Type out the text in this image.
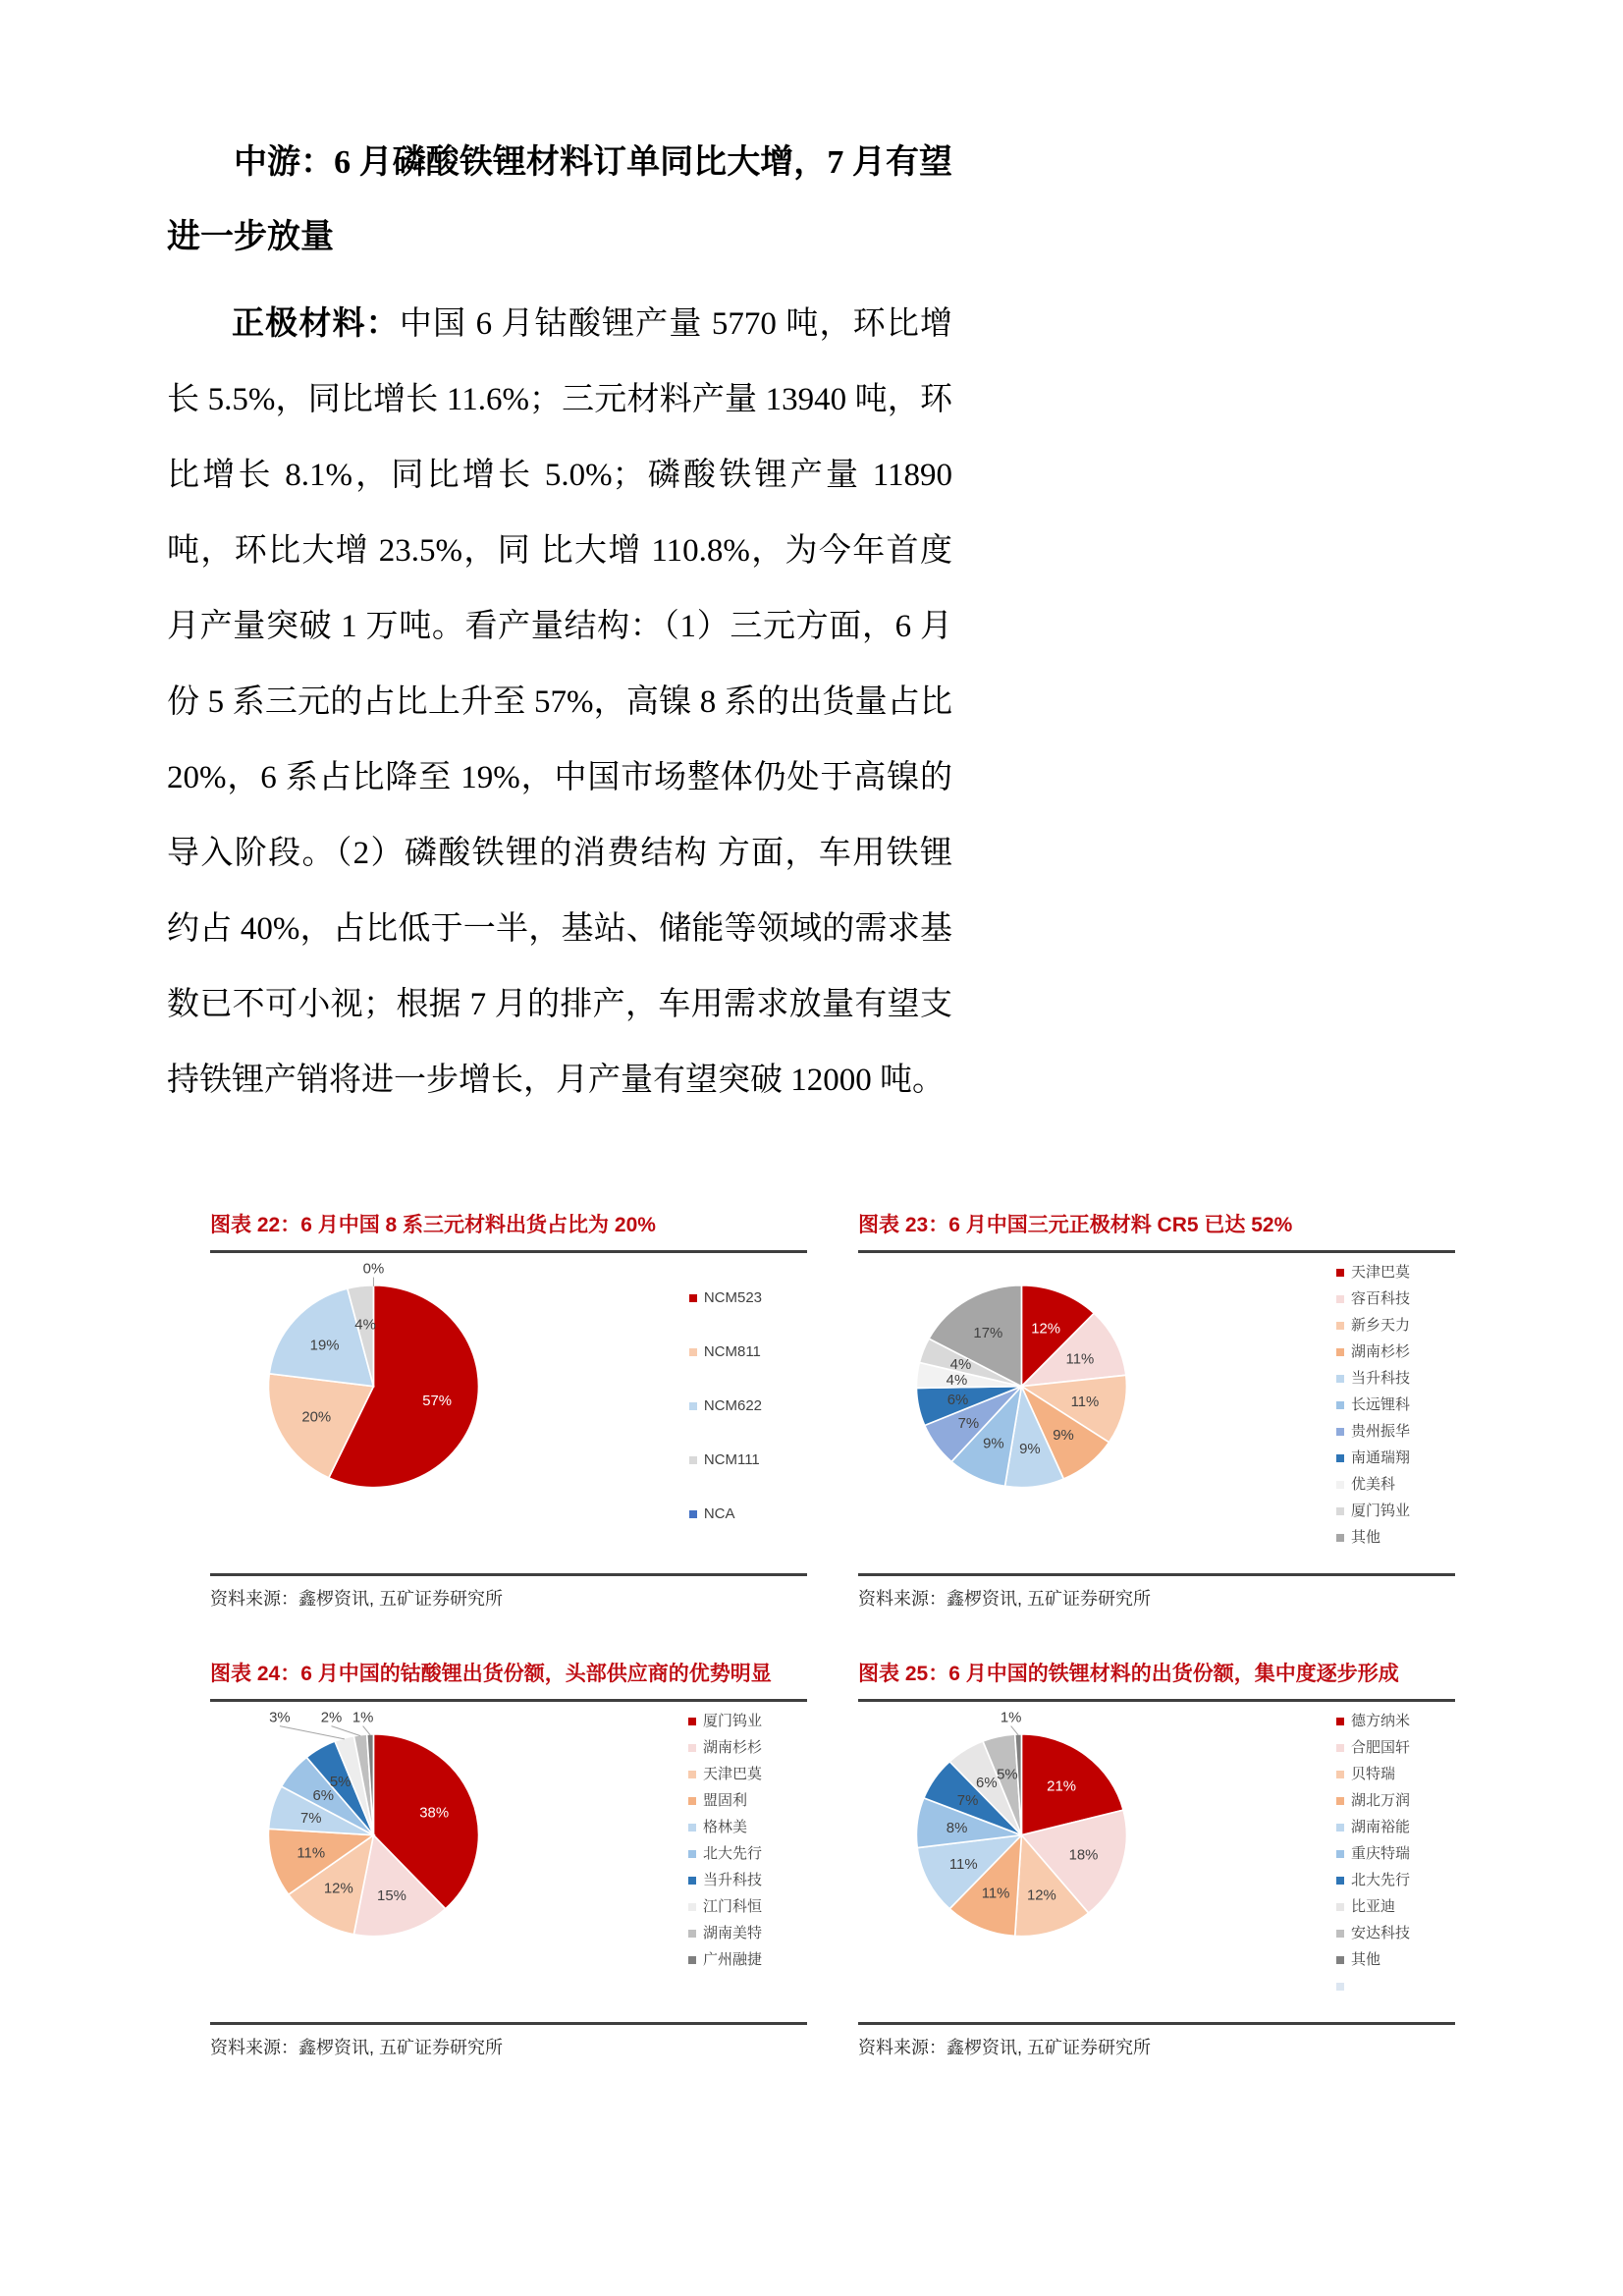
中游：6 月磷酸铁锂材料订单同比大增，7 月有望进一步放量

正极材料：中国 6 月钴酸锂产量 5770 吨，环比增长 5.5%，同比增长 11.6%；三元材料产量 13940 吨，环比增长 8.1%，同比增长 5.0%；磷酸铁锂产量 11890 吨，环比大增 23.5%，同 比大增 110.8%，为今年首度月产量突破 1 万吨。看产量结构：（1）三元方面，6 月份 5 系三元的占比上升至 57%，高镍 8 系的出货量占比 20%，6 系占比降至 19%，中国市场整体仍处于高镍的导入阶段。（2）磷酸铁锂的消费结构 方面，车用铁锂约占 40%，占比低于一半，基站、储能等领域的需求基数已不可小视；根据 7 月的排产，车用需求放量有望支持铁锂产销将进一步增长，月产量有望突破 12000 吨。

图表 22：6 月中国 8 系三元材料出货占比为 20%
57%
20%
19%
4%
0%
NCM523
NCM811
NCM622
NCM111
NCA
资料来源：鑫椤资讯, 五矿证券研究所
图表 23：6 月中国三元正极材料 CR5 已达 52%
12%
11%
11%
9%
9%
9%
7%
6%
4%
4%
17%
天津巴莫
容百科技
新乡天力
湖南杉杉
当升科技
长远锂科
贵州振华
南通瑞翔
优美科
厦门钨业
其他
资料来源：鑫椤资讯, 五矿证券研究所
图表 24：6 月中国的钴酸锂出货份额，头部供应商的优势明显
38%
15%
12%
11%
7%
6%
5%
3% 2% 1%	厦门钨业
湖南杉杉
天津巴莫
盟固利
格林美
北大先行
当升科技
江门科恒
湖南美特
广州融捷
资料来源：鑫椤资讯, 五矿证券研究所
图表 25：6 月中国的铁锂材料的出货份额，集中度逐步形成
21%
18%
12%
11%
11%
8%
7%
6% 5%
1%	德方纳米
合肥国轩
贝特瑞
湖北万润
湖南裕能
重庆特瑞
北大先行
比亚迪
安达科技
其他
资料来源：鑫椤资讯, 五矿证券研究所
